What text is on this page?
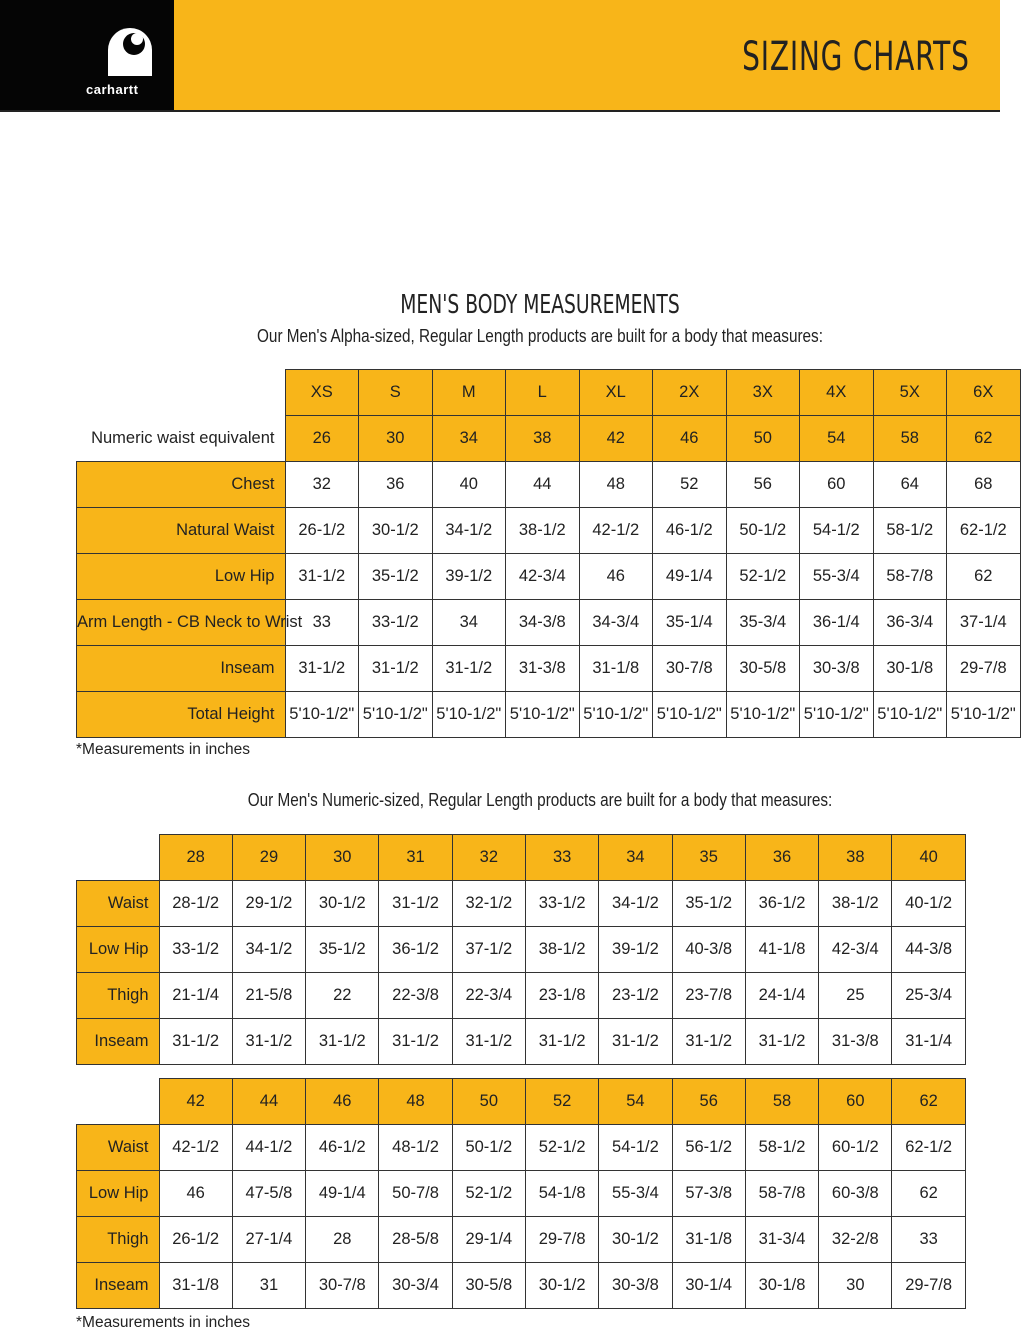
carhartt
SIZING CHARTS
MEN'S BODY MEASUREMENTS
Our Men's Alpha-sized, Regular Length products are built for a body that measures:
	XS	S	M	L	XL	2X	3X	4X	5X	6X
Numeric waist equivalent	26	30	34	38	42	46	50	54	58	62
Chest	32	36	40	44	48	52	56	60	64	68
Natural Waist	26-1/2	30-1/2	34-1/2	38-1/2	42-1/2	46-1/2	50-1/2	54-1/2	58-1/2	62-1/2
Low Hip	31-1/2	35-1/2	39-1/2	42-3/4	46	49-1/4	52-1/2	55-3/4	58-7/8	62
Arm Length - CB Neck to Wrist	33	33-1/2	34	34-3/8	34-3/4	35-1/4	35-3/4	36-1/4	36-3/4	37-1/4
Inseam	31-1/2	31-1/2	31-1/2	31-3/8	31-1/8	30-7/8	30-5/8	30-3/8	30-1/8	29-7/8
Total Height	5'10-1/2"	5'10-1/2"	5'10-1/2"	5'10-1/2"	5'10-1/2"	5'10-1/2"	5'10-1/2"	5'10-1/2"	5'10-1/2"	5'10-1/2"
*Measurements in inches
Our Men's Numeric-sized, Regular Length products are built for a body that measures:
	28	29	30	31	32	33	34	35	36	38	40
Waist	28-1/2	29-1/2	30-1/2	31-1/2	32-1/2	33-1/2	34-1/2	35-1/2	36-1/2	38-1/2	40-1/2
Low Hip	33-1/2	34-1/2	35-1/2	36-1/2	37-1/2	38-1/2	39-1/2	40-3/8	41-1/8	42-3/4	44-3/8
Thigh	21-1/4	21-5/8	22	22-3/8	22-3/4	23-1/8	23-1/2	23-7/8	24-1/4	25	25-3/4
Inseam	31-1/2	31-1/2	31-1/2	31-1/2	31-1/2	31-1/2	31-1/2	31-1/2	31-1/2	31-3/8	31-1/4
	42	44	46	48	50	52	54	56	58	60	62
Waist	42-1/2	44-1/2	46-1/2	48-1/2	50-1/2	52-1/2	54-1/2	56-1/2	58-1/2	60-1/2	62-1/2
Low Hip	46	47-5/8	49-1/4	50-7/8	52-1/2	54-1/8	55-3/4	57-3/8	58-7/8	60-3/8	62
Thigh	26-1/2	27-1/4	28	28-5/8	29-1/4	29-7/8	30-1/2	31-1/8	31-3/4	32-2/8	33
Inseam	31-1/8	31	30-7/8	30-3/4	30-5/8	30-1/2	30-3/8	30-1/4	30-1/8	30	29-7/8
*Measurements in inches
